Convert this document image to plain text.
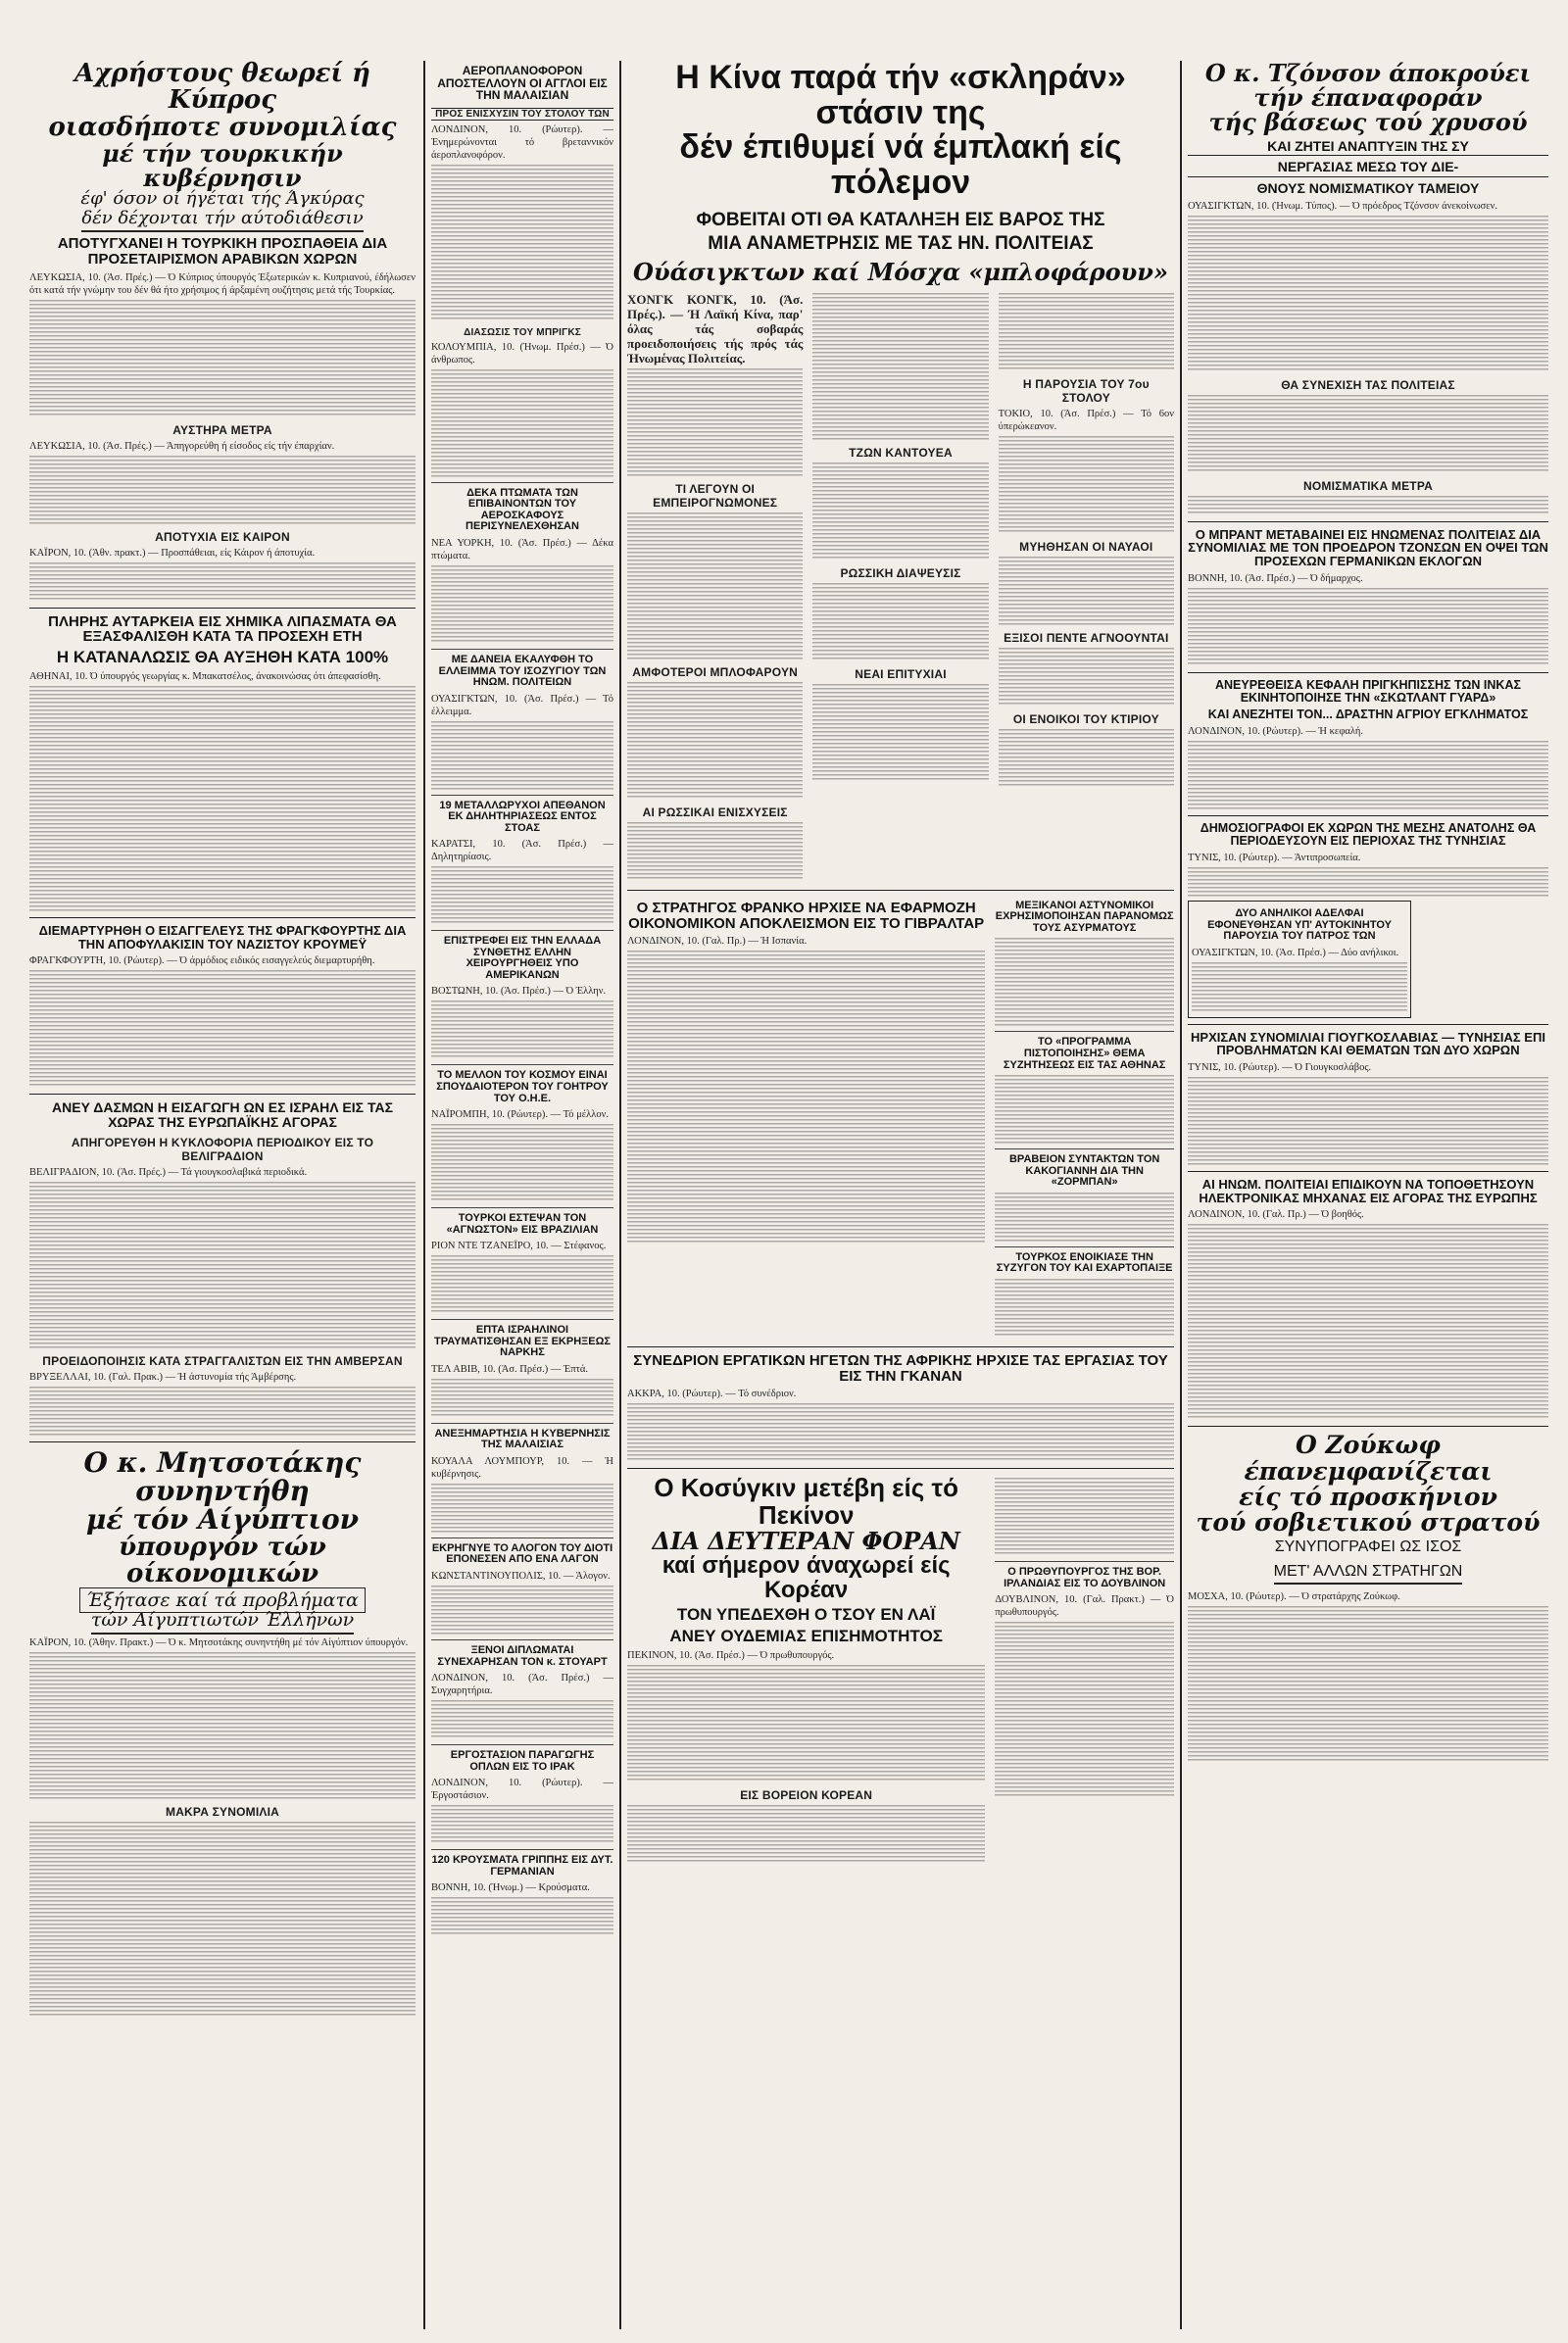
Αχρήστους θεωρεί ή Κύπρος
οιασδήποτε συνομιλίας
μέ τήν τουρκικήν κυβέρνησιν
έφ' όσον οί ήγέται τής Άγκύρας
δέν δέχονται τήν αύτοδιάθεσιν
ΑΠΟΤΥΓΧΑΝΕΙ Η ΤΟΥΡΚΙΚΗ ΠΡΟΣΠΑΘΕΙΑ ΔΙΑ ΠΡΟΣΕΤΑΙΡΙΣΜΟΝ ΑΡΑΒΙΚΩΝ ΧΩΡΩΝ

ΛΕΥΚΩΣΙΑ, 10. (Άσ. Πρές.) — Ό Κύπριος ύπουργός Έξωτερικών κ. Κυπριανού, έδήλωσεν ότι κατά τήν γνώμην του δέν θά ήτο χρήσιμος ή άρξαμένη ουζήτησις μετά τής Τουρκίας.

ΑΥΣΤΗΡΑ ΜΕΤΡΑ

ΛΕΥΚΩΣΙΑ, 10. (Άσ. Πρές.) — Άπηγορεύθη ή είσοδος είς τήν έπαρχίαν.

ΑΠΟΤΥΧΙΑ ΕΙΣ ΚΑΙΡΟΝ

ΚΑΪΡΟΝ, 10. (Άθν. πρακτ.) — Προσπάθειαι, είς Κάιρον ή άποτυχία.

ΠΛΗΡΗΣ ΑΥΤΑΡΚΕΙΑ ΕΙΣ ΧΗΜΙΚΑ ΛΙΠΑΣΜΑΤΑ ΘΑ ΕΞΑΣΦΑΛΙΣΘΗ ΚΑΤΑ ΤΑ ΠΡΟΣΕΧΗ ΕΤΗ
Η ΚΑΤΑΝΑΛΩΣΙΣ ΘΑ ΑΥΞΗΘΗ ΚΑΤΑ 100%

ΑΘΗΝΑΙ, 10. Ό ύπουργός γεωργίας κ. Μπακατσέλος, άνακοινώσας ότι άπεφασίσθη.

ΔΙΕΜΑΡΤΥΡΗΘΗ Ο ΕΙΣΑΓΓΕΛΕΥΣ ΤΗΣ ΦΡΑΓΚΦΟΥΡΤΗΣ ΔΙΑ ΤΗΝ ΑΠΟΦΥΛΑΚΙΣΙΝ ΤΟΥ ΝΑΖΙΣΤΟΥ ΚΡΟΥΜΕΫ

ΦΡΑΓΚΦΟΥΡΤΗ, 10. (Ρώυτερ). — Ό άρμόδιος ειδικός εισαγγελεύς διεμαρτυρήθη.

ΑΝΕΥ ΔΑΣΜΩΝ Η ΕΙΣΑΓΩΓΗ ΩΝ ΕΣ ΙΣΡΑΗΛ ΕΙΣ ΤΑΣ ΧΩΡΑΣ ΤΗΣ ΕΥΡΩΠΑΪΚΗΣ ΑΓΟΡΑΣ
ΑΠΗΓΟΡΕΥΘΗ Η ΚΥΚΛΟΦΟΡΙΑ ΠΕΡΙΟΔΙΚΟΥ ΕΙΣ ΤΟ ΒΕΛΙΓΡΑΔΙΟΝ

ΒΕΛΙΓΡΑΔΙΟΝ, 10. (Άσ. Πρές.) — Τά γιουγκοσλαβικά περιοδικά.

ΠΡΟΕΙΔΟΠΟΙΗΣΙΣ ΚΑΤΑ ΣΤΡΑΓΓΑΛΙΣΤΩΝ ΕΙΣ ΤΗΝ ΑΜΒΕΡΣΑΝ

ΒΡΥΞΕΛΛΑΙ, 10. (Γαλ. Πρακ.) — Ή άστυνομία τής Άμβέρσης.

Ο κ. Μητσοτάκης συνηντήθη
μέ τόν Αίγύπτιον
ύπουργόν τών οίκονομικών
Έξήτασε καί τά προβλήματα
τών Αίγυπτιωτών Έλλήνων

ΚΑΪΡΟΝ, 10. (Άθην. Πρακτ.) — Ό κ. Μητσοτάκης συνηντήθη μέ τόν Αίγύπτιον ύπουργόν.

ΜΑΚΡΑ ΣΥΝΟΜΙΛΙΑ
ΑΕΡΟΠΛΑΝΟΦΟΡΟΝ ΑΠΟΣΤΕΛΛΟΥΝ ΟΙ ΑΓΓΛΟΙ ΕΙΣ ΤΗΝ ΜΑΛΑΙΣΙΑΝ
ΠΡΟΣ ΕΝΙΣΧΥΣΙΝ ΤΟΥ ΣΤΟΛΟΥ ΤΩΝ

ΛΟΝΔΙΝΟΝ, 10. (Ρώυτερ). — Ένημερώνονται τό βρεταννικόν άεροπλανοφόρον.

ΔΙΑΣΩΣΙΣ ΤΟΥ ΜΠΡΙΓΚΣ

ΚΟΛΟΥΜΠΙΑ, 10. (Ήνωμ. Πρέσ.) — Ό άνθρωπος.

ΔΕΚΑ ΠΤΩΜΑΤΑ ΤΩΝ ΕΠΙΒΑΙΝΟΝΤΩΝ ΤΟΥ ΑΕΡΟΣΚΑΦΟΥΣ ΠΕΡΙΣΥΝΕΛΕΧΘΗΣΑΝ

ΝΕΑ ΥΟΡΚΗ, 10. (Άσ. Πρέσ.) — Δέκα πτώματα.

ΜΕ ΔΑΝΕΙΑ ΕΚΑΛΥΦΘΗ ΤΟ ΕΛΛΕΙΜΜΑ ΤΟΥ ΙΣΟΖΥΓΙΟΥ ΤΩΝ ΗΝΩΜ. ΠΟΛΙΤΕΙΩΝ

ΟΥΑΣΙΓΚΤΩΝ, 10. (Άσ. Πρέσ.) — Τό έλλειμμα.

19 ΜΕΤΑΛΛΩΡΥΧΟΙ ΑΠΕΘΑΝΟΝ ΕΚ ΔΗΛΗΤΗΡΙΑΣΕΩΣ ΕΝΤΟΣ ΣΤΟΑΣ

ΚΑΡΑΤΣΙ, 10. (Άσ. Πρέσ.) — Δηλητηρίασις.

ΕΠΙΣΤΡΕΦΕΙ ΕΙΣ ΤΗΝ ΕΛΛΑΔΑ ΣΥΝΘΕΤΗΣ ΕΛΛΗΝ ΧΕΙΡΟΥΡΓΗΘΕΙΣ ΥΠΟ ΑΜΕΡΙΚΑΝΩΝ

ΒΟΣΤΩΝΗ, 10. (Άσ. Πρέσ.) — Ό Έλλην.

ΤΟ ΜΕΛΛΟΝ ΤΟΥ ΚΟΣΜΟΥ ΕΙΝΑΙ ΣΠΟΥΔΑΙΟΤΕΡΟΝ ΤΟΥ ΓΟΗΤΡΟΥ ΤΟΥ Ο.Η.Ε.

ΝΑΪΡΟΜΠΗ, 10. (Ρώυτερ). — Τό μέλλον.

ΤΟΥΡΚΟΙ ΕΣΤΕΨΑΝ ΤΟΝ «ΑΓΝΩΣΤΟΝ» ΕΙΣ ΒΡΑΖΙΛΙΑΝ

ΡΙΟΝ ΝΤΕ ΤΖΑΝΕΪΡΟ, 10. — Στέφανος.

ΕΠΤΑ ΙΣΡΑΗΛΙΝΟΙ ΤΡΑΥΜΑΤΙΣΘΗΣΑΝ ΕΞ ΕΚΡΗΞΕΩΣ ΝΑΡΚΗΣ

ΤΕΛ ΑΒΙΒ, 10. (Άσ. Πρέσ.) — Έπτά.

ΑΝΕΞΗΜΑΡΤΗΣΙΑ Η ΚΥΒΕΡΝΗΣΙΣ ΤΗΣ ΜΑΛΑΙΣΙΑΣ

ΚΟΥΑΛΑ ΛΟΥΜΠΟΥΡ, 10. — Ή κυβέρνησις.

ΕΚΡΗΓΝΥΕ ΤΟ ΑΛΟΓΟΝ ΤΟΥ ΔΙΟΤΙ ΕΠΟΝΕΣΕΝ ΑΠΟ ΕΝΑ ΛΑΓΟΝ

ΚΩΝΣΤΑΝΤΙΝΟΥΠΟΛΙΣ, 10. — Άλογον.

ΞΕΝΟΙ ΔΙΠΛΩΜΑΤΑΙ ΣΥΝΕΧΑΡΗΣΑΝ ΤΟΝ κ. ΣΤΟΥΑΡΤ

ΛΟΝΔΙΝΟΝ, 10. (Άσ. Πρέσ.) — Συγχαρητήρια.

ΕΡΓΟΣΤΑΣΙΟΝ ΠΑΡΑΓΩΓΗΣ ΟΠΛΩΝ ΕΙΣ ΤΟ ΙΡΑΚ

ΛΟΝΔΙΝΟΝ, 10. (Ρώυτερ). — Έργοστάσιον.

120 ΚΡΟΥΣΜΑΤΑ ΓΡΙΠΠΗΣ ΕΙΣ ΔΥΤ. ΓΕΡΜΑΝΙΑΝ

ΒΟΝΝΗ, 10. (Ήνωμ.) — Κρούσματα.

Η Κίνα παρά τήν «σκληράν» στάσιν της
δέν έπιθυμεί νά έμπλακή είς πόλεμον
ΦΟΒΕΙΤΑΙ ΟΤΙ ΘΑ ΚΑΤΑΛΗΞΗ ΕΙΣ ΒΑΡΟΣ ΤΗΣ
ΜΙΑ ΑΝΑΜΕΤΡΗΣΙΣ ΜΕ ΤΑΣ ΗΝ. ΠΟΛΙΤΕΙΑΣ
Ούάσιγκτων καί Μόσχα «μπλοφάρουν»

ΧΟΝΓΚ ΚΟΝΓΚ, 10. (Άσ. Πρές.). — Ή Λαϊκή Κίνα, παρ' όλας τάς σοβαράς προειδοποιήσεις τής πρός τάς Ήνωμένας Πολιτείας.

ΤΙ ΛΕΓΟΥΝ ΟΙ ΕΜΠΕΙΡΟΓΝΩΜΟΝΕΣ
ΑΜΦΟΤΕΡΟΙ ΜΠΛΟΦΑΡΟΥΝ
ΑΙ ΡΩΣΣΙΚΑΙ ΕΝΙΣΧΥΣΕΙΣ
ΤΖΩΝ ΚΑΝΤΟΥΕΑ
ΡΩΣΣΙΚΗ ΔΙΑΨΕΥΣΙΣ
ΝΕΑΙ ΕΠΙΤΥΧΙΑΙ
Η ΠΑΡΟΥΣΙΑ ΤΟΥ 7ου ΣΤΟΛΟΥ

ΤΟΚΙΟ, 10. (Άσ. Πρέσ.) — Τό 6ον ύπερώκεανον.

ΜΥΗΘΗΣΑΝ ΟΙ ΝΑΥΑΟΙ
ΕΞΙΣΟΙ ΠΕΝΤΕ ΑΓΝΟΟΥΝΤΑΙ
ΟΙ ΕΝΟΙΚΟΙ ΤΟΥ ΚΤΙΡΙΟΥ
Ο ΣΤΡΑΤΗΓΟΣ ΦΡΑΝΚΟ ΗΡΧΙΣΕ ΝΑ ΕΦΑΡΜΟΖΗ ΟΙΚΟΝΟΜΙΚΟΝ ΑΠΟΚΛΕΙΣΜΟΝ ΕΙΣ ΤΟ ΓΙΒΡΑΛΤΑΡ

ΛΟΝΔΙΝΟΝ, 10. (Γαλ. Πρ.) — Ή Ισπανία.

ΜΕΞΙΚΑΝΟΙ ΑΣΤΥΝΟΜΙΚΟΙ ΕΧΡΗΣΙΜΟΠΟΙΗΣΑΝ ΠΑΡΑΝΟΜΩΣ ΤΟΥΣ ΑΣΥΡΜΑΤΟΥΣ
ΤΟ «ΠΡΟΓΡΑΜΜΑ ΠΙΣΤΟΠΟΙΗΣΗΣ» ΘΕΜΑ ΣΥΖΗΤΗΣΕΩΣ ΕΙΣ ΤΑΣ ΑΘΗΝΑΣ
ΒΡΑΒΕΙΟΝ ΣΥΝΤΑΚΤΩΝ ΤΟΝ ΚΑΚΟΓΙΑΝΝΗ ΔΙΑ ΤΗΝ «ΖΟΡΜΠΑΝ»
ΤΟΥΡΚΟΣ ΕΝΟΙΚΙΑΣΕ ΤΗΝ ΣΥΖΥΓΟΝ ΤΟΥ ΚΑΙ ΕΧΑΡΤΟΠΑΙΞΕ
ΣΥΝΕΔΡΙΟΝ ΕΡΓΑΤΙΚΩΝ ΗΓΕΤΩΝ ΤΗΣ ΑΦΡΙΚΗΣ ΗΡΧΙΣΕ ΤΑΣ ΕΡΓΑΣΙΑΣ ΤΟΥ ΕΙΣ ΤΗΝ ΓΚΑΝΑΝ

ΑΚΚΡΑ, 10. (Ρώυτερ). — Τό συνέδριον.

Ο Κοσύγκιν μετέβη είς τό Πεκίνον
ΔΙΑ ΔΕΥΤΕΡΑΝ ΦΟΡΑΝ
καί σήμερον άναχωρεί είς Κορέαν
ΤΟΝ ΥΠΕΔΕΧΘΗ Ο ΤΣΟΥ ΕΝ ΛΑΪ
ΑΝΕΥ ΟΥΔΕΜΙΑΣ ΕΠΙΣΗΜΟΤΗΤΟΣ

ΠΕΚΙΝΟΝ, 10. (Άσ. Πρέσ.) — Ό πρωθυπουργός.

ΕΙΣ ΒΟΡΕΙΟΝ ΚΟΡΕΑΝ
Ο ΠΡΩΘΥΠΟΥΡΓΟΣ ΤΗΣ ΒΟΡ. ΙΡΛΑΝΔΙΑΣ ΕΙΣ ΤΟ ΔΟΥΒΛΙΝΟΝ

ΔΟΥΒΛΙΝΟΝ, 10. (Γαλ. Πρακτ.) — Ό πρωθυπουργός.

Ο κ. Τζόνσον άποκρούει
τήν έπαναφοράν
τής βάσεως τού χρυσού
ΚΑΙ ΖΗΤΕΙ ΑΝΑΠΤΥΞΙΝ ΤΗΣ ΣΥ
ΝΕΡΓΑΣΙΑΣ ΜΕΣΩ ΤΟΥ ΔΙΕ-
ΘΝΟΥΣ ΝΟΜΙΣΜΑΤΙΚΟΥ ΤΑΜΕΙΟΥ

ΟΥΑΣΙΓΚΤΩΝ, 10. (Ήνωμ. Τύπος). — Ό πρόεδρος Τζόνσον άνεκοίνωσεν.

ΘΑ ΣΥΝΕΧΙΣΗ ΤΑΣ ΠΟΛΙΤΕΙΑΣ
ΝΟΜΙΣΜΑΤΙΚΑ ΜΕΤΡΑ
Ο ΜΠΡΑΝΤ ΜΕΤΑΒΑΙΝΕΙ ΕΙΣ ΗΝΩΜΕΝΑΣ ΠΟΛΙΤΕΙΑΣ ΔΙΑ ΣΥΝΟΜΙΛΙΑΣ ΜΕ ΤΟΝ ΠΡΟΕΔΡΟΝ ΤΖΟΝΣΩΝ ΕΝ ΟΨΕΙ ΤΩΝ ΠΡΟΣΕΧΩΝ ΓΕΡΜΑΝΙΚΩΝ ΕΚΛΟΓΩΝ

ΒΟΝΝΗ, 10. (Άσ. Πρέσ.) — Ό δήμαρχος.

ΑΝΕΥΡΕΘΕΙΣΑ ΚΕΦΑΛΗ ΠΡΙΓΚΗΠΙΣΣΗΣ ΤΩΝ ΙΝΚΑΣ ΕΚΙΝΗΤΟΠΟΙΗΣΕ ΤΗΝ «ΣΚΩΤΛΑΝΤ ΓΥΑΡΔ»
ΚΑΙ ΑΝΕΖΗΤΕΙ ΤΟΝ... ΔΡΑΣΤΗΝ ΑΓΡΙΟΥ ΕΓΚΛΗΜΑΤΟΣ

ΛΟΝΔΙΝΟΝ, 10. (Ρώυτερ). — Ή κεφαλή.

ΔΗΜΟΣΙΟΓΡΑΦΟΙ ΕΚ ΧΩΡΩΝ ΤΗΣ ΜΕΣΗΣ ΑΝΑΤΟΛΗΣ ΘΑ ΠΕΡΙΟΔΕΥΣΟΥΝ ΕΙΣ ΠΕΡΙΟΧΑΣ ΤΗΣ ΤΥΝΗΣΙΑΣ

ΤΥΝΙΣ, 10. (Ρώυτερ). — Άντιπροσωπεία.

ΔΥΟ ΑΝΗΛΙΚΟΙ ΑΔΕΛΦΑΙ ΕΦΟΝΕΥΘΗΣΑΝ ΥΠ' ΑΥΤΟΚΙΝΗΤΟΥ ΠΑΡΟΥΣΙΑ ΤΟΥ ΠΑΤΡΟΣ ΤΩΝ

ΟΥΑΣΙΓΚΤΩΝ, 10. (Άσ. Πρέσ.) — Δύο ανήλικοι.

ΗΡΧΙΣΑΝ ΣΥΝΟΜΙΛΙΑΙ ΓΙΟΥΓΚΟΣΛΑΒΙΑΣ — ΤΥΝΗΣΙΑΣ ΕΠΙ ΠΡΟΒΛΗΜΑΤΩΝ ΚΑΙ ΘΕΜΑΤΩΝ ΤΩΝ ΔΥΟ ΧΩΡΩΝ

ΤΥΝΙΣ, 10. (Ρώυτερ). — Ό Γιουγκοσλάβος.

ΑΙ ΗΝΩΜ. ΠΟΛΙΤΕΙΑΙ ΕΠΙΔΙΚΟΥΝ ΝΑ ΤΟΠΟΘΕΤΗΣΟΥΝ ΗΛΕΚΤΡΟΝΙΚΑΣ ΜΗΧΑΝΑΣ ΕΙΣ ΑΓΟΡΑΣ ΤΗΣ ΕΥΡΩΠΗΣ

ΛΟΝΔΙΝΟΝ, 10. (Γαλ. Πρ.) — Ό βοηθός.

Ο Ζούκωφ έπανεμφανίζεται
είς τό προσκήνιον
τού σοβιετικού στρατού
ΣΥΝΥΠΟΓΡΑΦΕΙ ΩΣ ΙΣΟΣ
ΜΕΤ' ΑΛΛΩΝ ΣΤΡΑΤΗΓΩΝ

ΜΟΣΧΑ, 10. (Ρώυτερ). — Ό στρατάρχης Ζούκωφ.
